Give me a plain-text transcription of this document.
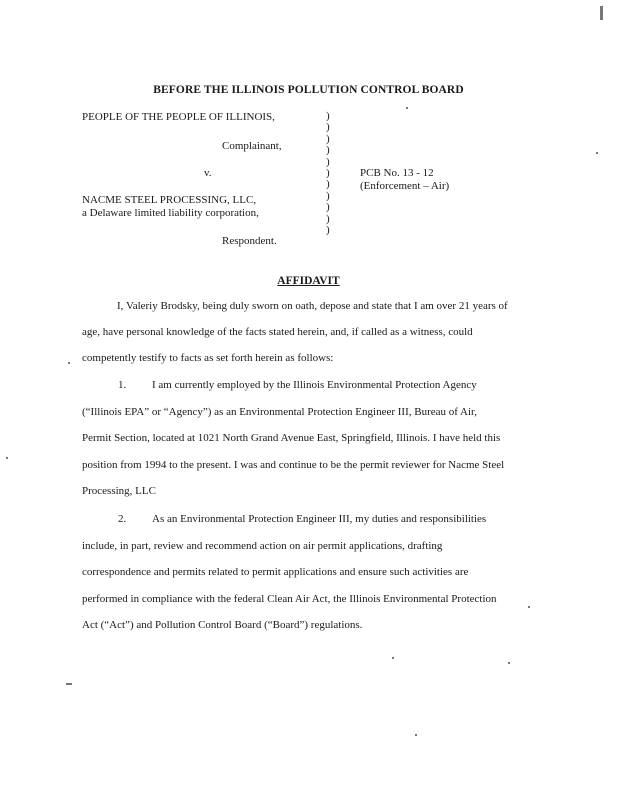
BEFORE THE ILLINOIS POLLUTION CONTROL BOARD
PEOPLE OF THE PEOPLE OF ILLINOIS,
Complainant,
v.
NACME STEEL PROCESSING, LLC,
a Delaware limited liability corporation,
Respondent.
)
)
)
)
)
)
)
)
)
)
)
PCB No. 13 - 12
(Enforcement – Air)
AFFIDAVIT
I, Valeriy Brodsky, being duly sworn on oath, depose and state that I am over 21 years of
age, have personal knowledge of the facts stated herein, and, if called as a witness, could
competently testify to facts as set forth herein as follows:
1. I am currently employed by the Illinois Environmental Protection Agency
(“Illinois EPA” or “Agency”) as an Environmental Protection Engineer III, Bureau of Air,
Permit Section, located at 1021 North Grand Avenue East, Springfield, Illinois. I have held this
position from 1994 to the present. I was and continue to be the permit reviewer for Nacme Steel
Processing, LLC
2. As an Environmental Protection Engineer III, my duties and responsibilities
include, in part, review and recommend action on air permit applications, drafting
correspondence and permits related to permit applications and ensure such activities are
performed in compliance with the federal Clean Air Act, the Illinois Environmental Protection
Act (“Act”) and Pollution Control Board (“Board”) regulations.
